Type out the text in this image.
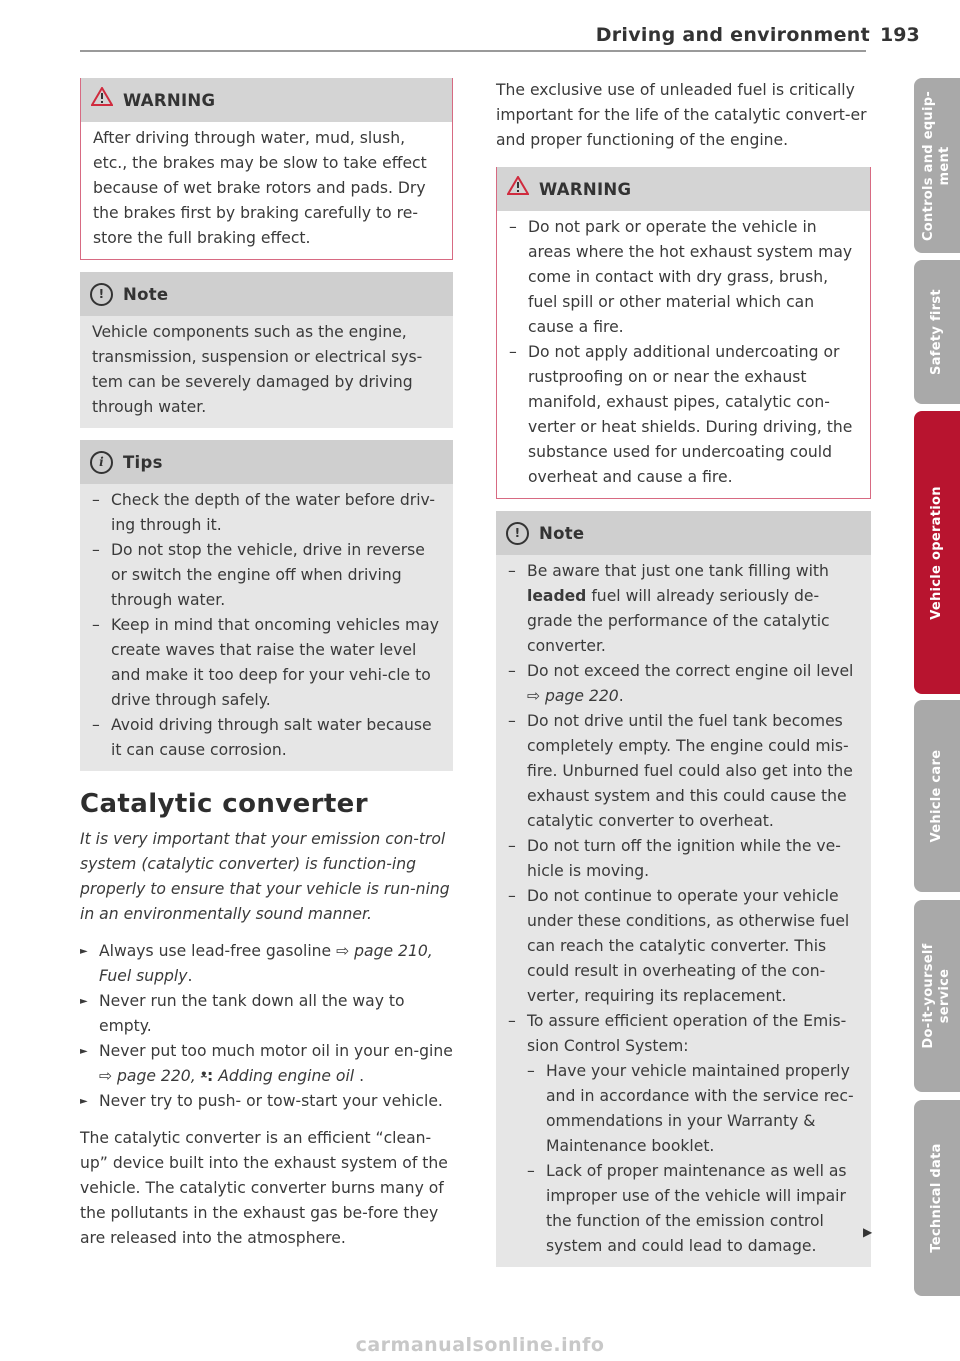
Driving and environment 193
WARNING

After driving through water, mud, slush, etc., the brakes may be slow to take effect because of wet brake rotors and pads. Dry the brakes first by braking carefully to re-store the full braking effect.

!	Note

Vehicle components such as the engine, transmission, suspension or electrical sys-tem can be severely damaged by driving through water.

i	Tips
– Check the depth of the water before driv-ing through it.
– Do not stop the vehicle, drive in reverse or switch the engine off when driving through water.
– Keep in mind that oncoming vehicles may create waves that raise the water level and make it too deep for your vehi-cle to drive through safely.
– Avoid driving through salt water because it can cause corrosion.
Catalytic converter

It is very important that your emission con-trol system (catalytic converter) is function-ing properly to ensure that your vehicle is run-ning in an environmentally sound manner.

► Always use lead-free gasoline ⇨ page 210, Fuel supply.
► Never run the tank down all the way to empty.
► Never put too much motor oil in your en-gine ⇨ page 220, ᵜ: Adding engine oil .
► Never try to push- or tow-start your vehicle.

The catalytic converter is an efficient “clean-up” device built into the exhaust system of the vehicle. The catalytic converter burns many of the pollutants in the exhaust gas be-fore they are released into the atmosphere.

The exclusive use of unleaded fuel is critically important for the life of the catalytic convert-er and proper functioning of the engine.

WARNING
– Do not park or operate the vehicle in areas where the hot exhaust system may come in contact with dry grass, brush, fuel spill or other material which can cause a fire.
– Do not apply additional undercoating or rustproofing on or near the exhaust manifold, exhaust pipes, catalytic con-verter or heat shields. During driving, the substance used for undercoating could overheat and cause a fire.
!	Note
– Be aware that just one tank filling with leaded fuel will already seriously de-grade the performance of the catalytic converter.
– Do not exceed the correct engine oil level ⇨ page 220.
– Do not drive until the fuel tank becomes completely empty. The engine could mis-fire. Unburned fuel could also get into the exhaust system and this could cause the catalytic converter to overheat.
– Do not turn off the ignition while the ve-hicle is moving.
– Do not continue to operate your vehicle under these conditions, as otherwise fuel can reach the catalytic converter. This could result in overheating of the con-verter, requiring its replacement.
– To assure efficient operation of the Emis-sion Control System:
– Have your vehicle maintained properly and in accordance with the service rec-ommendations in your Warranty & Maintenance booklet.
– Lack of proper maintenance as well as improper use of the vehicle will impair the function of the emission control system and could lead to damage.
▶
Controls and equip-
ment
Safety first
Vehicle operation
Vehicle care
Do-it-yourself
service
Technical data
carmanualsonline.info
